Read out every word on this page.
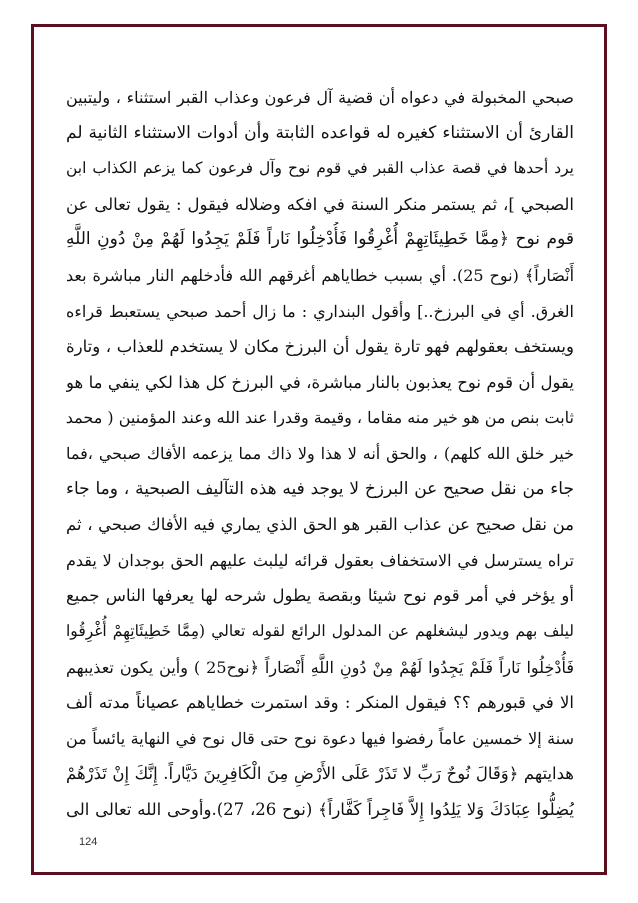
صبحي المخبولة في دعواه أن قضية آل فرعون وعذاب القبر استثناء ، وليتبين
القارئ أن الاستثناء كغيره له قواعده الثابتة وأن أدوات الاستثناء الثانية لم
يرد أحدها في قصة عذاب القبر في قوم نوح وآل فرعون كما يزعم الكذاب ابن
الصبحي ]، ثم يستمر منكر السنة في افكه وضلاله فيقول : يقول تعالى عن
قوم نوح ﴿مِمَّا خَطِيئَاتِهِمْ أُغْرِقُوا فَأُدْخِلُوا نَاراً فَلَمْ يَجِدُوا لَهُمْ مِنْ دُونِ اللَّهِ
أَنْصَاراً﴾ (نوح 25). أي بسبب خطاياهم أغرقهم الله فأدخلهم النار مباشرة بعد
الغرق. أي في البرزخ..] وأقول البنداري : ما زال أحمد صبحي يستعبط قراءه
ويستخف بعقولهم فهو تارة يقول أن البرزخ مكان لا يستخدم للعذاب ، وتارة
يقول أن قوم نوح يعذبون بالنار مباشرة، في البرزخ كل هذا لكي ينفي ما هو
ثابت بنص من هو خير منه مقاما ، وقيمة وقدرا عند الله وعند المؤمنين ( محمد
خير خلق الله كلهم) ، والحق أنه لا هذا ولا ذاك مما يزعمه الأفاك صبحي ،فما
جاء من نقل صحيح عن البرزخ لا يوجد فيه هذه التآليف الصبحية ، وما جاء
من نقل صحيح عن عذاب القبر هو الحق الذي يماري فيه الأفاك صبحي ، ثم
تراه يسترسل في الاستخفاف بعقول قرائه ليلبث عليهم الحق بوجدان لا يقدم
أو يؤخر في أمر قوم نوح شيئا وبقصة يطول شرحه لها يعرفها الناس جميع
ليلف بهم ويدور ليشغلهم عن المدلول الرائع لقوله تعالي (مِمَّا خَطِيئَاتِهِمْ أُغْرِقُوا
فَأُدْخِلُوا نَاراً فَلَمْ يَجِدُوا لَهُمْ مِنْ دُونِ اللَّهِ أَنْصَاراً ﴿نوح25 ) وأين يكون تعذيبهم
الا في قبورهم ؟؟ فيقول المنكر : وقد استمرت خطاياهم عصياناً مدته ألف
سنة إلا خمسين عاماً رفضوا فيها دعوة نوح حتى قال نوح في النهاية يائساً من
هدايتهم ﴿وَقَالَ نُوحٌ رَبِّ لا تَذَرْ عَلَى الأَرْضِ مِنَ الْكَافِرِينَ دَيَّاراً. إِنَّكَ إِنْ تَذَرْهُمْ
يُضِلُّوا عِبَادَكَ وَلا يَلِدُوا إِلاَّ فَاجِراً كَفَّاراً﴾ (نوح 26، 27).وأوحى الله تعالى الى
124
